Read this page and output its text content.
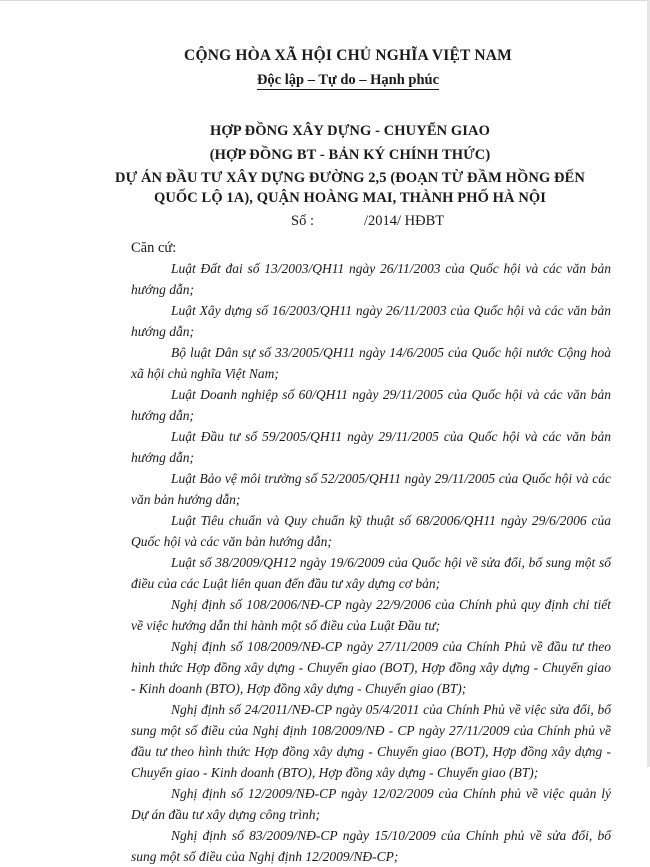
CỘNG HÒA XÃ HỘI CHỦ NGHĨA VIỆT NAM
Độc lập – Tự do – Hạnh phúc
HỢP ĐỒNG XÂY DỰNG - CHUYỂN GIAO
(HỢP ĐỒNG BT - BẢN KÝ CHÍNH THỨC)
DỰ ÁN ĐẦU TƯ XÂY DỰNG ĐƯỜNG 2,5 (ĐOẠN TỪ ĐẦM HỒNG ĐẾN
QUỐC LỘ 1A), QUẬN HOÀNG MAI, THÀNH PHỐ HÀ NỘI
Số :	/2014/ HĐBT
Căn cứ:

Luật Đất đai số 13/2003/QH11 ngày 26/11/2003 của Quốc hội và các văn bản hướng dẫn;

Luật Xây dựng số 16/2003/QH11 ngày 26/11/2003 của Quốc hội và các văn bản hướng dẫn;

Bộ luật Dân sự số 33/2005/QH11 ngày 14/6/2005 của Quốc hội nước Cộng hoà xã hội chủ nghĩa Việt Nam;

Luật Doanh nghiệp số 60/QH11 ngày 29/11/2005 của Quốc hội và các văn bản hướng dẫn;

Luật Đầu tư số 59/2005/QH11 ngày 29/11/2005 của Quốc hội và các văn bản hướng dẫn;

Luật Bảo vệ môi trường số 52/2005/QH11 ngày 29/11/2005 của Quốc hội và các văn bản hướng dẫn;

Luật Tiêu chuẩn và Quy chuẩn kỹ thuật số 68/2006/QH11 ngày 29/6/2006 của Quốc hội và các văn bản hướng dẫn;

Luật số 38/2009/QH12 ngày 19/6/2009 của Quốc hội về sửa đổi, bổ sung một số điều của các Luật liên quan đến đầu tư xây dựng cơ bản;

Nghị định số 108/2006/NĐ-CP ngày 22/9/2006 của Chính phủ quy định chi tiết về việc hướng dẫn thi hành một số điều của Luật Đầu tư;

Nghị định số 108/2009/NĐ-CP ngày 27/11/2009 của Chính Phủ về đầu tư theo hình thức Hợp đồng xây dựng - Chuyển giao (BOT), Hợp đồng xây dựng - Chuyển giao - Kinh doanh (BTO), Hợp đồng xây dựng - Chuyển giao (BT);

Nghị định số 24/2011/NĐ-CP ngày 05/4/2011 của Chính Phủ về việc sửa đổi, bổ sung một số điều của Nghị định 108/2009/NĐ - CP ngày 27/11/2009 của Chính phủ về đầu tư theo hình thức Hợp đồng xây dựng - Chuyển giao (BOT), Hợp đồng xây dựng - Chuyển giao - Kinh doanh (BTO), Hợp đồng xây dựng - Chuyển giao (BT);

Nghị định số 12/2009/NĐ-CP ngày 12/02/2009 của Chính phủ về việc quản lý Dự án đầu tư xây dựng công trình;

Nghị định số 83/2009/NĐ-CP ngày 15/10/2009 của Chính phủ về sửa đổi, bổ sung một số điều của Nghị định 12/2009/NĐ-CP;
